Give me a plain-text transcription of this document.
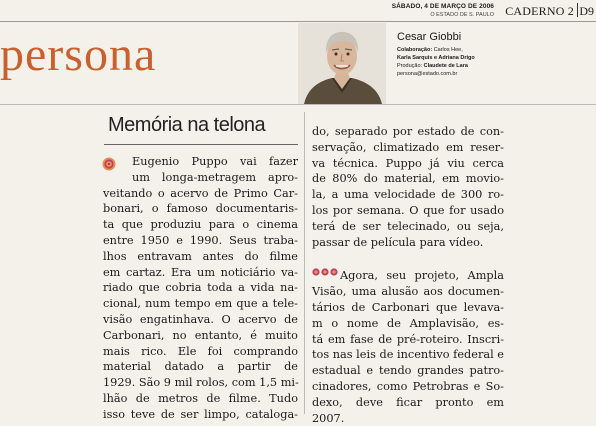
SÁBADO, 4 DE MARÇO DE 2006
O ESTADO DE S. PAULO CADERNO 2 D9
persona	Cesar Giobbi
Colaboração: Carlos Hee,
Karla Sarquis e Adriana Drigo
Produção: Claudete de Lara
persona@estado.com.br
Memória na telona

Eugenio Puppo vai fazer

um longa-metragem apro-

veitando o acervo de Primo Car-

bonari, o famoso documentaris-

ta que produziu para o cinema

entre 1950 e 1990. Seus traba-

lhos entravam antes do filme

em cartaz. Era um noticiário va-

riado que cobria toda a vida na-

cional, num tempo em que a tele-

visão engatinhava. O acervo de

Carbonari, no entanto, é muito

mais rico. Ele foi comprando

material datado a partir de

1929. São 9 mil rolos, com 1,5 mi-

lhão de metros de filme. Tudo

isso teve de ser limpo, cataloga-

do, separado por estado de con-

servação, climatizado em reser-

va técnica. Puppo já viu cerca

de 80% do material, em movio-

la, a uma velocidade de 300 ro-

los por semana. O que for usado

terá de ser telecinado, ou seja,

passar de película para vídeo.

Agora, seu projeto, Ampla

Visão, uma alusão aos documen-

tários de Carbonari que levava-

m o nome de Amplavisão, es-

tá em fase de pré-roteiro. Inscri-

tos nas leis de incentivo federal e

estadual e tendo grandes patro-

cinadores, como Petrobras e So-

dexo, deve ficar pronto em

2007.
